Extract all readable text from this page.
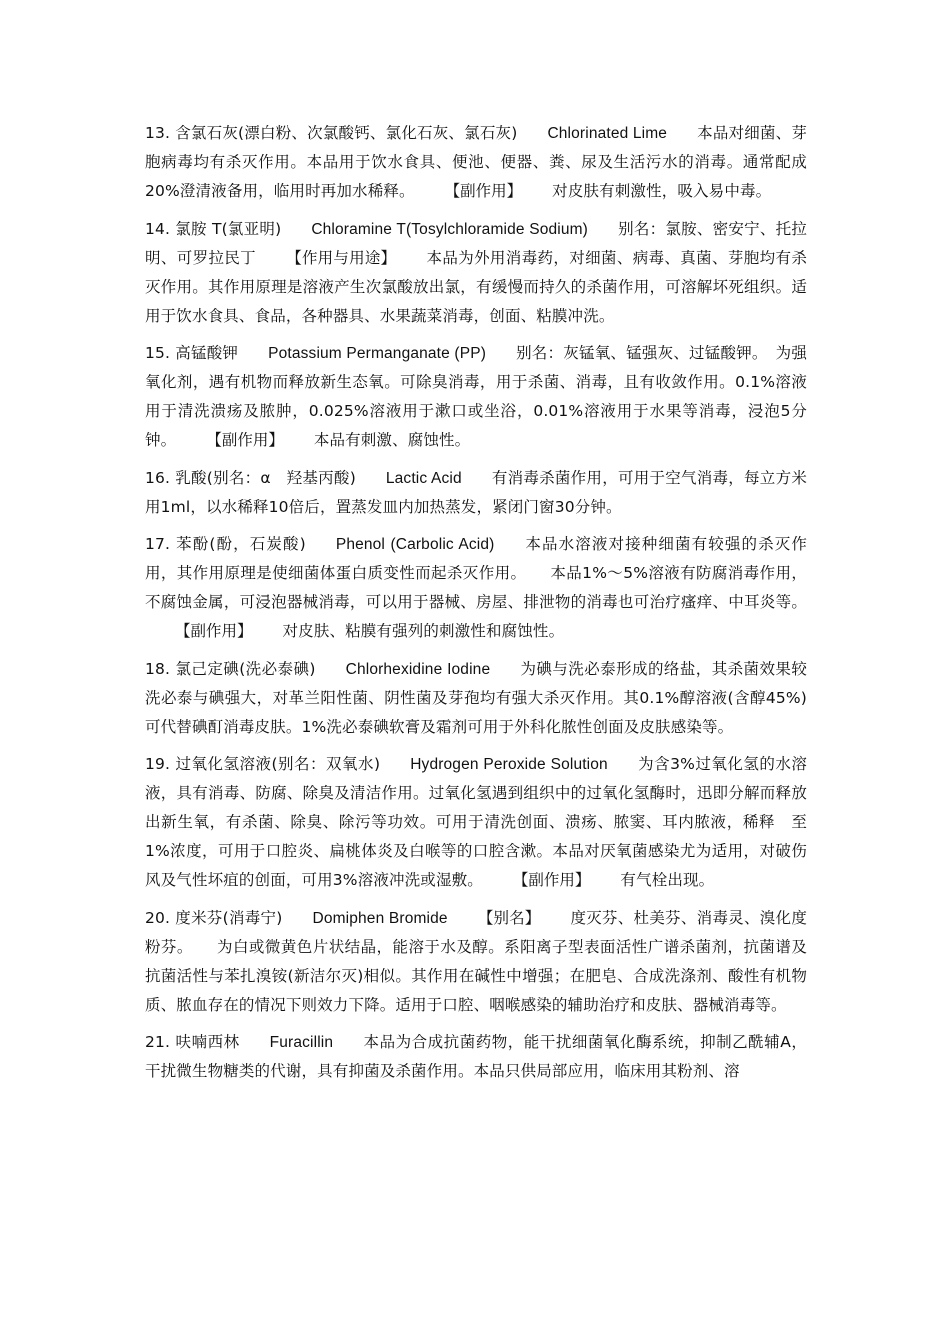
13. 含氯石灰(漂白粉、次氯酸钙、氯化石灰、氯石灰) Chlorinated Lime 本品对细菌、芽胞病毒均有杀灭作用。本品用于饮水食具、便池、便器、粪、尿及生活污水的消毒。通常配成20%澄清液备用，临用时再加水稀释。 【副作用】 对皮肤有刺激性，吸入易中毒。

14. 氯胺 T(氯亚明) Chloramine T(Tosylchloramide Sodium) 别名：氯胺、密安宁、托拉明、可罗拉民丁 【作用与用途】 本品为外用消毒药，对细菌、病毒、真菌、芽胞均有杀灭作用。其作用原理是溶液产生次氯酸放出氯，有缓慢而持久的杀菌作用，可溶解坏死组织。适用于饮水食具、食品，各种器具、水果蔬菜消毒，创面、粘膜冲洗。

15. 高锰酸钾 Potassium Permanganate (PP) 别名：灰锰氧、锰强灰、过锰酸钾。　为强氧化剂，遇有机物而释放新生态氧。可除臭消毒，用于杀菌、消毒，且有收敛作用。0.1%溶液用于清洗溃疡及脓肿，0.025%溶液用于漱口或坐浴，0.01%溶液用于水果等消毒，浸泡5分钟。 【副作用】 本品有刺激、腐蚀性。

16. 乳酸(别名：α　羟基丙酸) Lactic Acid 有消毒杀菌作用，可用于空气消毒，每立方米用1ml，以水稀释10倍后，置蒸发皿内加热蒸发，紧闭门窗30分钟。

17. 苯酚(酚，石炭酸) Phenol (Carbolic Acid) 本品水溶液对接种细菌有较强的杀灭作用，其作用原理是使细菌体蛋白质变性而起杀灭作用。　　本品1%～5%溶液有防腐消毒作用，不腐蚀金属，可浸泡器械消毒，可以用于器械、房屋、排泄物的消毒也可治疗瘙痒、中耳炎等。【副作用】 对皮肤、粘膜有强列的刺激性和腐蚀性。

18. 氯己定碘(洗必泰碘) Chlorhexidine Iodine 为碘与洗必泰形成的络盐，其杀菌效果较洗必泰与碘强大，对革兰阳性菌、阴性菌及芽孢均有强大杀灭作用。其0.1%醇溶液(含醇45%)可代替碘酊消毒皮肤。1%洗必泰碘软膏及霜剂可用于外科化脓性创面及皮肤感染等。

19. 过氧化氢溶液(别名：双氧水) Hydrogen Peroxide Solution 为含3%过氧化氢的水溶液，具有消毒、防腐、除臭及清洁作用。过氧化氢遇到组织中的过氧化氢酶时，迅即分解而释放出新生氧，有杀菌、除臭、除污等功效。可用于清洗创面、溃疡、脓窦、耳内脓液，稀释　至1%浓度，可用于口腔炎、扁桃体炎及白喉等的口腔含漱。本品对厌氧菌感染尤为适用，对破伤风及气性坏疽的创面，可用3%溶液冲洗或湿敷。 【副作用】 有气栓出现。

20. 度米芬(消毒宁) Domiphen Bromide 【别名】 度灭芬、杜美芬、消毒灵、溴化度粉芬。　　为白或微黄色片状结晶，能溶于水及醇。系阳离子型表面活性广谱杀菌剂，抗菌谱及抗菌活性与苯扎溴铵(新洁尔灭)相似。其作用在碱性中增强；在肥皂、合成洗涤剂、酸性有机物质、脓血存在的情况下则效力下降。适用于口腔、咽喉感染的辅助治疗和皮肤、器械消毒等。

21. 呋喃西林 Furacillin 本品为合成抗菌药物，能干扰细菌氧化酶系统，抑制乙酰辅A，干扰微生物糖类的代谢，具有抑菌及杀菌作用。本品只供局部应用，临床用其粉剂、溶
